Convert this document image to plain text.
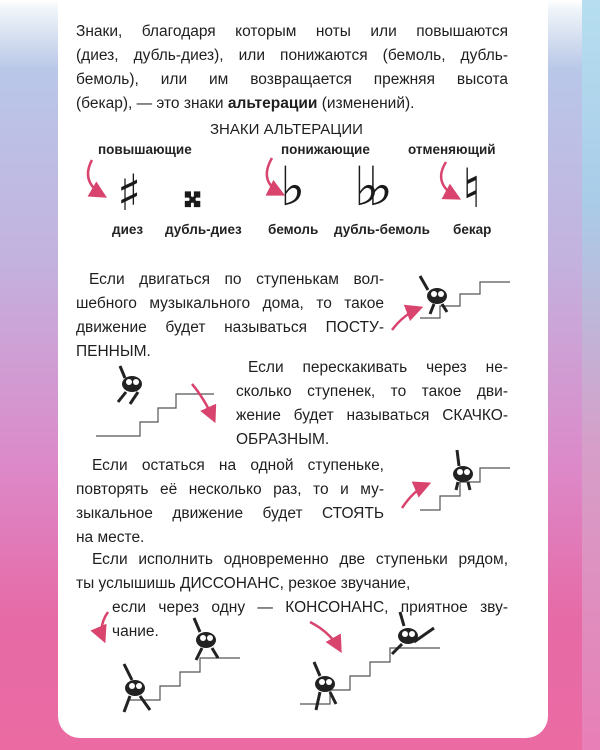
Знаки, благодаря которым ноты или повышаются
(диез, дубль-диез), или понижаются (бемоль, дубль-
бемоль), или им возвращается прежняя высота
(бекар), — это знаки альтерации (изменений).
ЗНАКИ АЛЬТЕРАЦИИ
повышающие	понижающие	отменяющий
♯ 𝄪 ♭ ♭♭ ♮
диез дубль-диез бемоль дубль-бемоль бекар
Если двигаться по ступенькам вол-
шебного музыкального дома, то такое
движение будет называться ПОСТУ-
ПЕННЫМ.
Если перескакивать через не-
сколько ступенек, то такое дви-
жение будет называться СКАЧКО-
ОБРАЗНЫМ.
Если остаться на одной ступеньке,
повторять её несколько раз, то и му-
зыкальное движение будет СТОЯТЬ
на месте.
Если исполнить одновременно две ступеньки рядом,
ты услышишь ДИССОНАНС, резкое звучание,
если через одну — КОНСОНАНС, приятное зву-
чание.
